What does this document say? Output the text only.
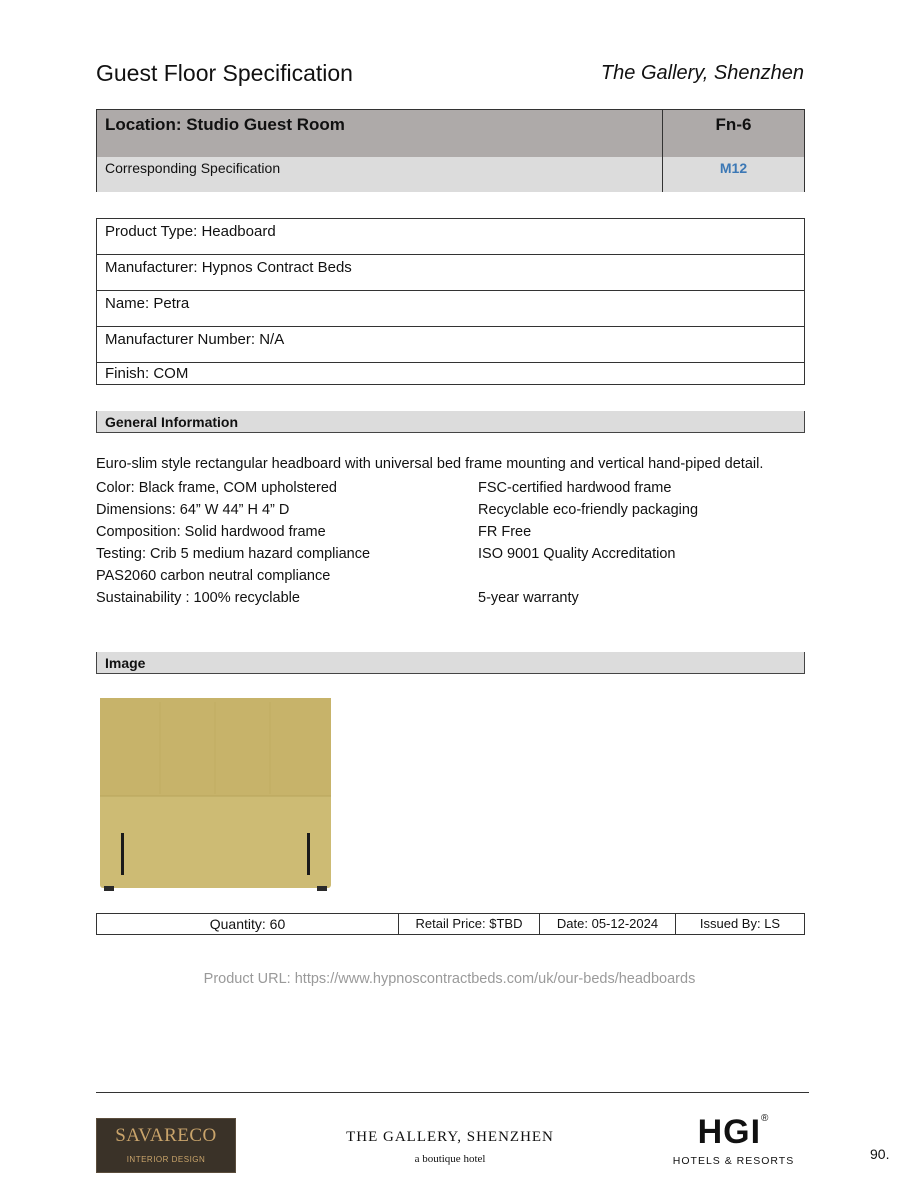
Guest Floor Specification	The Gallery, Shenzhen
Location: Studio Guest Room	Fn-6
Corresponding Specification	M12
Product Type: Headboard
Manufacturer: Hypnos Contract Beds
Name: Petra
Manufacturer Number: N/A
Finish: COM
General Information
Euro-slim style rectangular headboard with universal bed frame mounting and vertical hand-piped detail.
Color: Black frame, COM upholstered
Dimensions: 64” W 44” H 4” D
Composition: Solid hardwood frame
Testing: Crib 5 medium hazard compliance
PAS2060 carbon neutral compliance
Sustainability : 100% recyclable
FSC-certified hardwood frame
Recyclable eco-friendly packaging
FR Free
ISO 9001 Quality Accreditation
5-year warranty
Image
Quantity: 60	Retail Price: $TBD	Date: 05-12-2024	Issued By: LS
Product URL: https://www.hypnoscontractbeds.com/uk/our-beds/headboards
SAVARECO
INTERIOR DESIGN
THE GALLERY, SHENZHEN
a boutique hotel
HGI®
HOTELS & RESORTS	90.
